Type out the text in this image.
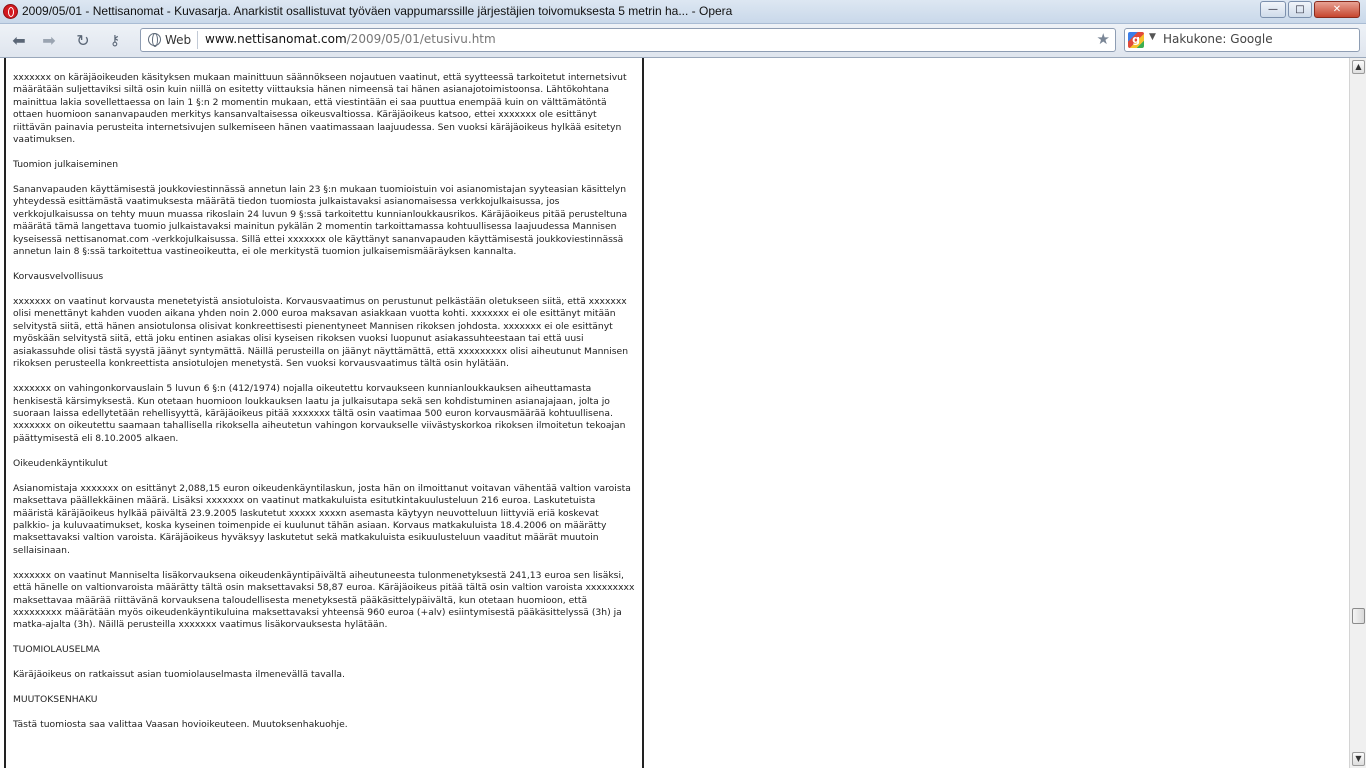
2009/05/01 - Nettisanomat - Kuvasarja. Anarkistit osallistuvat työväen vappumarssille järjestäjien toivomuksesta 5 metrin ha... - Opera	—	□	✕
⬅ ➡ ↻	⚷	Web	www.nettisanomat.com/2009/05/01/etusivu.htm	★	g	▼ Hakukone: Google

xxxxxxx on käräjäoikeuden käsityksen mukaan mainittuun säännökseen nojautuen vaatinut, että syytteessä tarkoitetut internetsivut määrätään suljettaviksi siltä osin kuin niillä on esitetty viittauksia hänen nimeensä tai hänen asianajotoimistoonsa. Lähtökohtana mainittua lakia sovellettaessa on lain 1 §:n 2 momentin mukaan, että viestintään ei saa puuttua enempää kuin on välttämätöntä ottaen huomioon sananvapauden merkitys kansanvaltaisessa oikeusvaltiossa. Käräjäoikeus katsoo, ettei xxxxxxx ole esittänyt riittävän painavia perusteita internetsivujen sulkemiseen hänen vaatimassaan laajuudessa. Sen vuoksi käräjäoikeus hylkää esitetyn vaatimuksen.

Tuomion julkaiseminen

Sananvapauden käyttämisestä joukkoviestinnässä annetun lain 23 §:n mukaan tuomioistuin voi asianomistajan syyteasian käsittelyn yhteydessä esittämästä vaatimuksesta määrätä tiedon tuomiosta julkaistavaksi asianomaisessa verkkojulkaisussa, jos verkkojulkaisussa on tehty muun muassa rikoslain 24 luvun 9 §:ssä tarkoitettu kunnianloukkausrikos. Käräjäoikeus pitää perusteltuna määrätä tämä langettava tuomio julkaistavaksi mainitun pykälän 2 momentin tarkoittamassa kohtuullisessa laajuudessa Mannisen kyseisessä nettisanomat.com -verkkojulkaisussa. Sillä ettei xxxxxxx ole käyttänyt sananvapauden käyttämisestä joukkoviestinnässä annetun lain 8 §:ssä tarkoitettua vastineoikeutta, ei ole merkitystä tuomion julkaisemismääräyksen kannalta.

Korvausvelvollisuus

xxxxxxx on vaatinut korvausta menetetyistä ansiotuloista. Korvausvaatimus on perustunut pelkästään oletukseen siitä, että xxxxxxx olisi menettänyt kahden vuoden aikana yhden noin 2.000 euroa maksavan asiakkaan vuotta kohti. xxxxxxx ei ole esittänyt mitään selvitystä siitä, että hänen ansiotulonsa olisivat konkreettisesti pienentyneet Mannisen rikoksen johdosta. xxxxxxx ei ole esittänyt myöskään selvitystä siitä, että joku entinen asiakas olisi kyseisen rikoksen vuoksi luopunut asiakassuhteestaan tai että uusi asiakassuhde olisi tästä syystä jäänyt syntymättä. Näillä perusteilla on jäänyt näyttämättä, että xxxxxxxxx olisi aiheutunut Mannisen rikoksen perusteella konkreettista ansiotulojen menetystä. Sen vuoksi korvausvaatimus tältä osin hylätään.

xxxxxxx on vahingonkorvauslain 5 luvun 6 §:n (412/1974) nojalla oikeutettu korvaukseen kunnianloukkauksen aiheuttamasta henkisestä kärsimyksestä. Kun otetaan huomioon loukkauksen laatu ja julkaisutapa sekä sen kohdistuminen asianajajaan, jolta jo suoraan laissa edellytetään rehellisyyttä, käräjäoikeus pitää xxxxxxx tältä osin vaatimaa 500 euron korvausmäärää kohtuullisena. xxxxxxx on oikeutettu saamaan tahallisella rikoksella aiheutetun vahingon korvaukselle viivästyskorkoa rikoksen ilmoitetun tekoajan päättymisestä eli 8.10.2005 alkaen.

Oikeudenkäyntikulut

Asianomistaja xxxxxxx on esittänyt 2,088,15 euron oikeudenkäyntilaskun, josta hän on ilmoittanut voitavan vähentää valtion varoista maksettava päällekkäinen määrä. Lisäksi xxxxxxx on vaatinut matkakuluista esitutkintakuulusteluun 216 euroa. Laskutetuista määristä käräjäoikeus hylkää päivältä 23.9.2005 laskutetut xxxxx xxxxn asemasta käytyyn neuvotteluun liittyviä eriä koskevat palkkio- ja kuluvaatimukset, koska kyseinen toimenpide ei kuulunut tähän asiaan. Korvaus matkakuluista 18.4.2006 on määrätty maksettavaksi valtion varoista. Käräjäoikeus hyväksyy laskutetut sekä matkakuluista esikuulusteluun vaaditut määrät muutoin sellaisinaan.

xxxxxxx on vaatinut Manniselta lisäkorvauksena oikeudenkäyntipäivältä aiheutuneesta tulonmenetyksestä 241,13 euroa sen lisäksi, että hänelle on valtionvaroista määrätty tältä osin maksettavaksi 58,87 euroa. Käräjäoikeus pitää tältä osin valtion varoista xxxxxxxxx maksettavaa määrää riittävänä korvauksena taloudellisesta menetyksestä pääkäsittelypäivältä, kun otetaan huomioon, että xxxxxxxxx määrätään myös oikeudenkäyntikuluina maksettavaksi yhteensä 960 euroa (+alv) esiintymisestä pääkäsittelyssä (3h) ja matka-ajalta (3h). Näillä perusteilla xxxxxxx vaatimus lisäkorvauksesta hylätään.

TUOMIOLAUSELMA

Käräjäoikeus on ratkaissut asian tuomiolauselmasta ilmenevällä tavalla.

MUUTOKSENHAKU

Tästä tuomiosta saa valittaa Vaasan hovioikeuteen. Muutoksenhakuohje.

▲
▼
